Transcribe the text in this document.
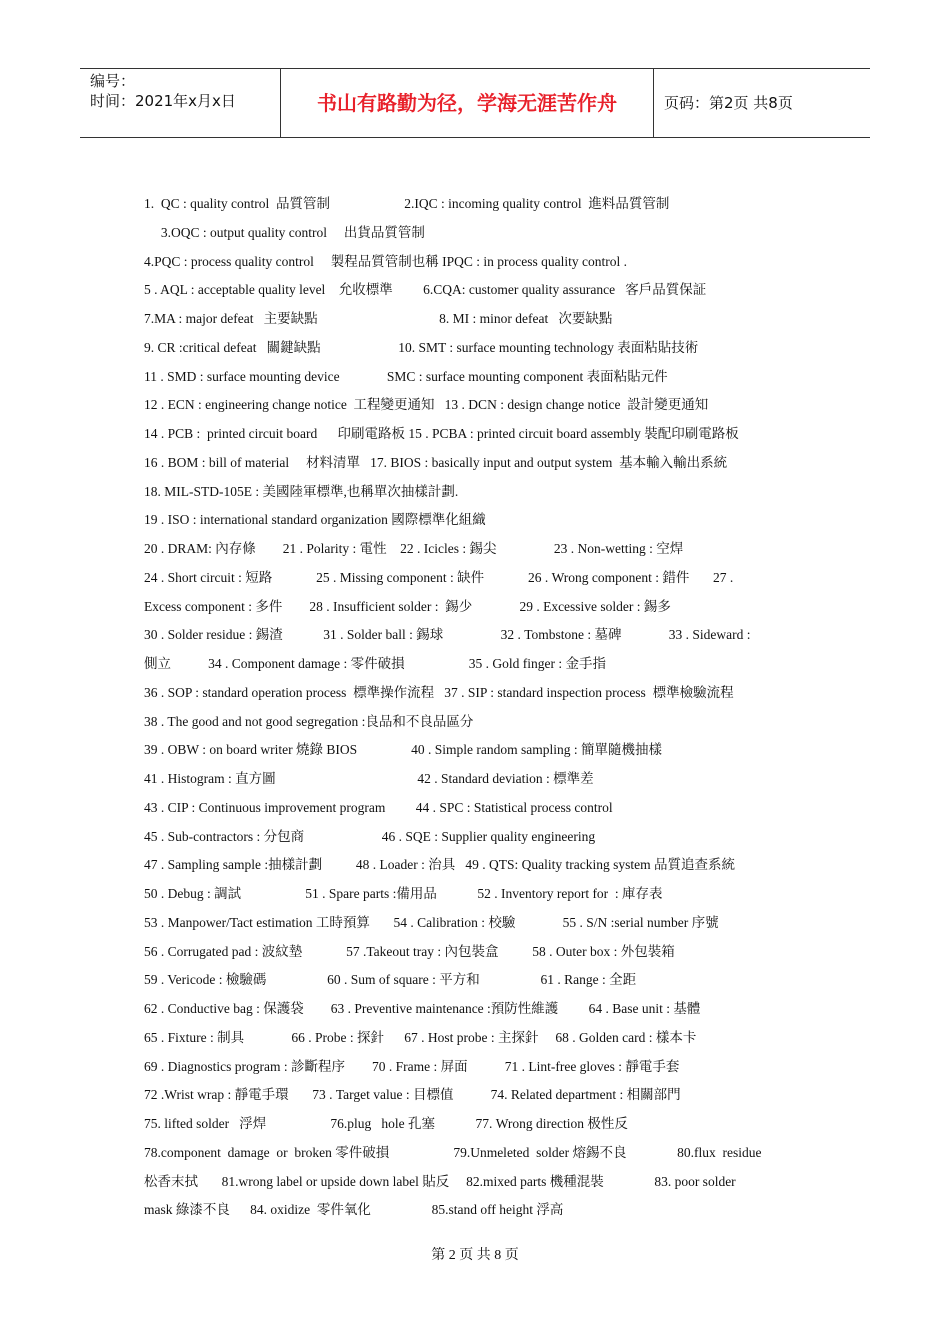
编号：
时间：2021年x月x日	书山有路勤为径，学海无涯苦作舟	页码：第2页 共8页
1.  QC : quality control  品質管制                      2.IQC : incoming quality control  進料品質管制
3.OQC : output quality control     出貨品質管制
4.PQC : process quality control     製程品質管制也稱 IPQC : in process quality control .
5 . AQL : acceptable quality level    允收標準         6.CQA: customer quality assurance   客戶品質保証
7.MA : major defeat   主要缺點                                    8. MI : minor defeat   次要缺點
9. CR :critical defeat   關鍵缺點                       10. SMT : surface mounting technology 表面粘貼技術
11 . SMD : surface mounting device              SMC : surface mounting component 表面粘貼元件
12 . ECN : engineering change notice  工程變更通知   13 . DCN : design change notice  設計變更通知
14 . PCB :  printed circuit board      印刷電路板 15 . PCBA : printed circuit board assembly 裝配印刷電路板
16 . BOM : bill of material     材料清單   17. BIOS : basically input and output system  基本輸入輸出系統
18. MIL-STD-105E : 美國陸軍標準,也稱單次抽樣計劃.
19 . ISO : international standard organization 國際標準化組織
20 . DRAM: 內存條        21 . Polarity : 電性    22 . Icicles : 錫尖                 23 . Non-wetting : 空焊
24 . Short circuit : 短路             25 . Missing component : 缺件             26 . Wrong component : 錯件       27 .
Excess component : 多件        28 . Insufficient solder :  錫少              29 . Excessive solder : 錫多
30 . Solder residue : 錫渣            31 . Solder ball : 錫球                 32 . Tombstone : 墓碑              33 . Sideward :
側立           34 . Component damage : 零件破損                   35 . Gold finger : 金手指
36 . SOP : standard operation process  標準操作流程   37 . SIP : standard inspection process  標準檢驗流程
38 . The good and not good segregation :良品和不良品區分
39 . OBW : on board writer 燒錄 BIOS                40 . Simple random sampling : 簡單隨機抽樣
41 . Histogram : 直方圖                                          42 . Standard deviation : 標準差
43 . CIP : Continuous improvement program         44 . SPC : Statistical process control
45 . Sub-contractors : 分包商                       46 . SQE : Supplier quality engineering
47 . Sampling sample :抽樣計劃          48 . Loader : 治具   49 . QTS: Quality tracking system 品質追查系統
50 . Debug : 調試                   51 . Spare parts :備用品            52 . Inventory report for  : 庫存表
53 . Manpower/Tact estimation 工時預算       54 . Calibration : 校驗              55 . S/N :serial number 序號
56 . Corrugated pad : 波紋墊             57 .Takeout tray : 內包裝盒          58 . Outer box : 外包裝箱
59 . Vericode : 檢驗碼                  60 . Sum of square : 平方和                  61 . Range : 全距
62 . Conductive bag : 保護袋        63 . Preventive maintenance :預防性維護         64 . Base unit : 基體
65 . Fixture : 制具              66 . Probe : 探針      67 . Host probe : 主探針     68 . Golden card : 樣本卡
69 . Diagnostics program : 診斷程序        70 . Frame : 屏面           71 . Lint-free gloves : 靜電手套
72 .Wrist wrap : 靜電手環       73 . Target value : 目標值           74. Related department : 相關部門
75. lifted solder   浮焊                   76.plug   hole 孔塞            77. Wrong direction 极性反
78.component  damage  or  broken 零件破損                   79.Unmeleted  solder 熔錫不良               80.flux  residue
松香末拭       81.wrong label or upside down label 貼反     82.mixed parts 機種混裝               83. poor solder
mask 綠漆不良      84. oxidize  零件氧化                  85.stand off height 浮高
第 2 页 共 8 页
